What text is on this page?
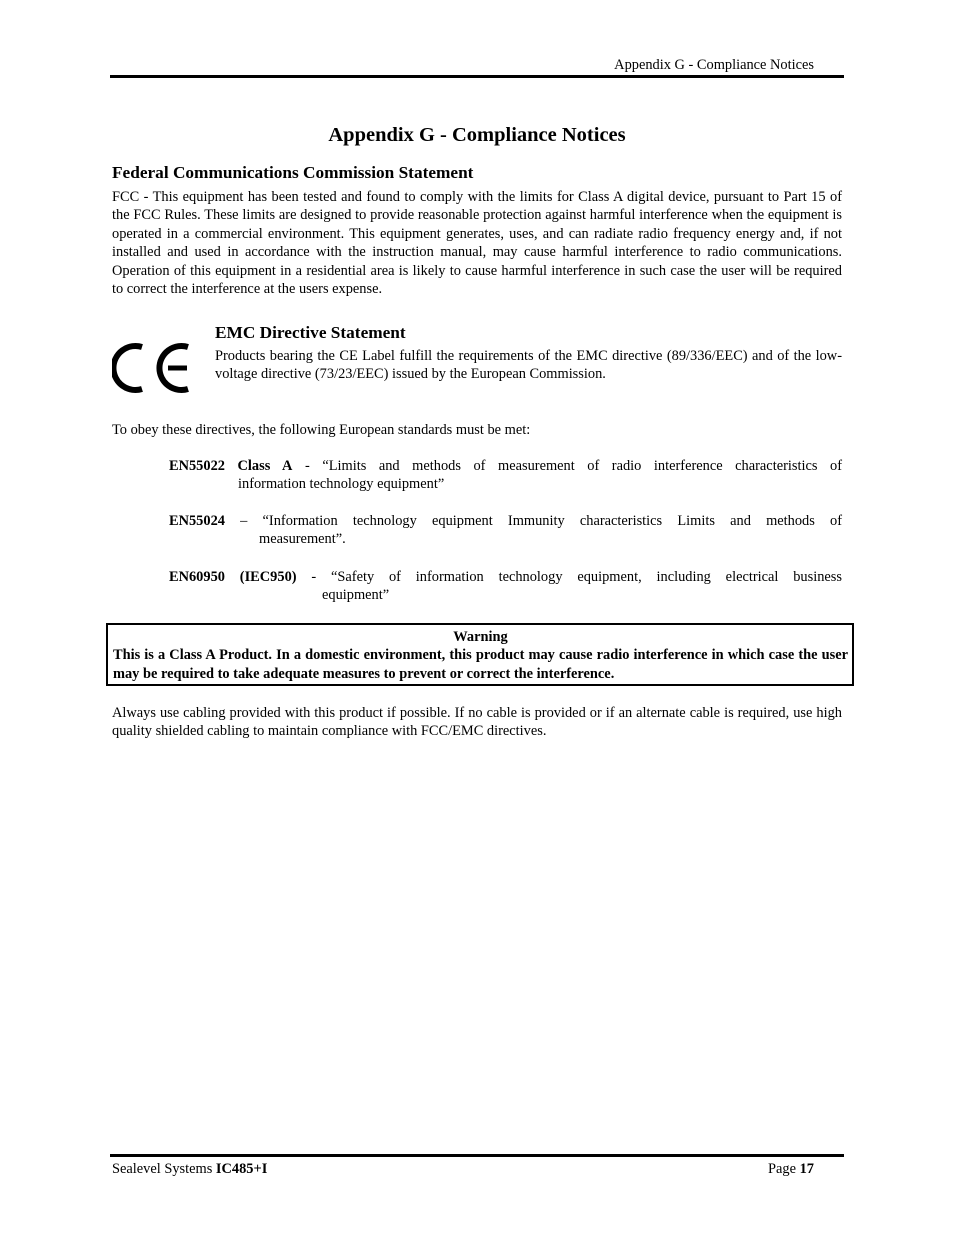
Appendix G - Compliance Notices
Appendix G - Compliance Notices
Federal Communications Commission Statement
FCC - This equipment has been tested and found to comply with the limits for Class A digital device, pursuant to Part 15 of the FCC Rules. These limits are designed to provide reasonable protection against harmful interference when the equipment is operated in a commercial environment. This equipment generates, uses, and can radiate radio frequency energy and, if not installed and used in accordance with the instruction manual, may cause harmful interference to radio communications. Operation of this equipment in a residential area is likely to cause harmful interference in such case the user will be required to correct the interference at the users expense.
EMC Directive Statement
Products bearing the CE Label fulfill the requirements of the EMC directive (89/336/EEC) and of the low-voltage directive (73/23/EEC) issued by the European Commission.
To obey these directives, the following European standards must be met:
EN55022 Class A - “Limits and methods of measurement of radio interference characteristics of
information technology equipment”
EN55024 – “Information technology equipment Immunity characteristics Limits and methods of
measurement”.
EN60950 (IEC950) - “Safety of information technology equipment, including electrical business
equipment”
Warning
This is a Class A Product. In a domestic environment, this product may cause radio interference in which case the user may be required to take adequate measures to prevent or correct the interference.
Always use cabling provided with this product if possible. If no cable is provided or if an alternate cable is required, use high quality shielded cabling to maintain compliance with FCC/EMC directives.
Sealevel Systems IC485+I	Page 17
